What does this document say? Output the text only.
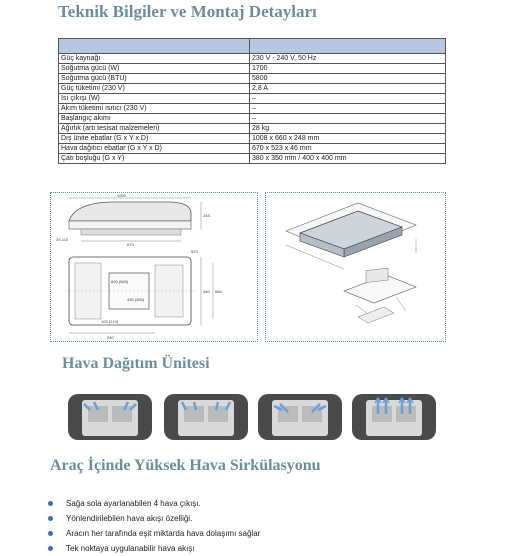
Teknik Bilgiler ve Montaj Detayları

Güç kaynağı	230 V - 240 V, 50 Hz
Soğutma gücü (W)	1700
Soğutma gücü (BTU)	5800
Güç tüketimi (230 V)	2,8 A
Isı çıkışı (W)	–
Akım tüketimi ısıtıcı (230 V)	–
Başlangıç akımı	–
Ağırlık (artı tesisat malzemeleri)	28 kg
Dış ünite ebatlar (G x Y x D)	1008 x 660 x 248 mm
Hava dağıtıcı ebatlar (G x Y x D)	670 x 523 x 46 mm
Çatı boşluğu (G x Y)	380 x 350 mm / 400 x 400 mm
1000
248
29-110
670
440 666
523
600 (560)
430 (360)
105 (219)
530
Hava Dağıtım Ünitesi
Araç İçinde Yüksek Hava Sirkülasyonu
Sağa sola ayarlanabilen 4 hava çıkışı.
Yönlendirilebilen hava akışı özelliği.
Aracın her tarafında eşit miktarda hava dolaşımı sağlar
Tek noktaya uygulanabilir hava akışı
